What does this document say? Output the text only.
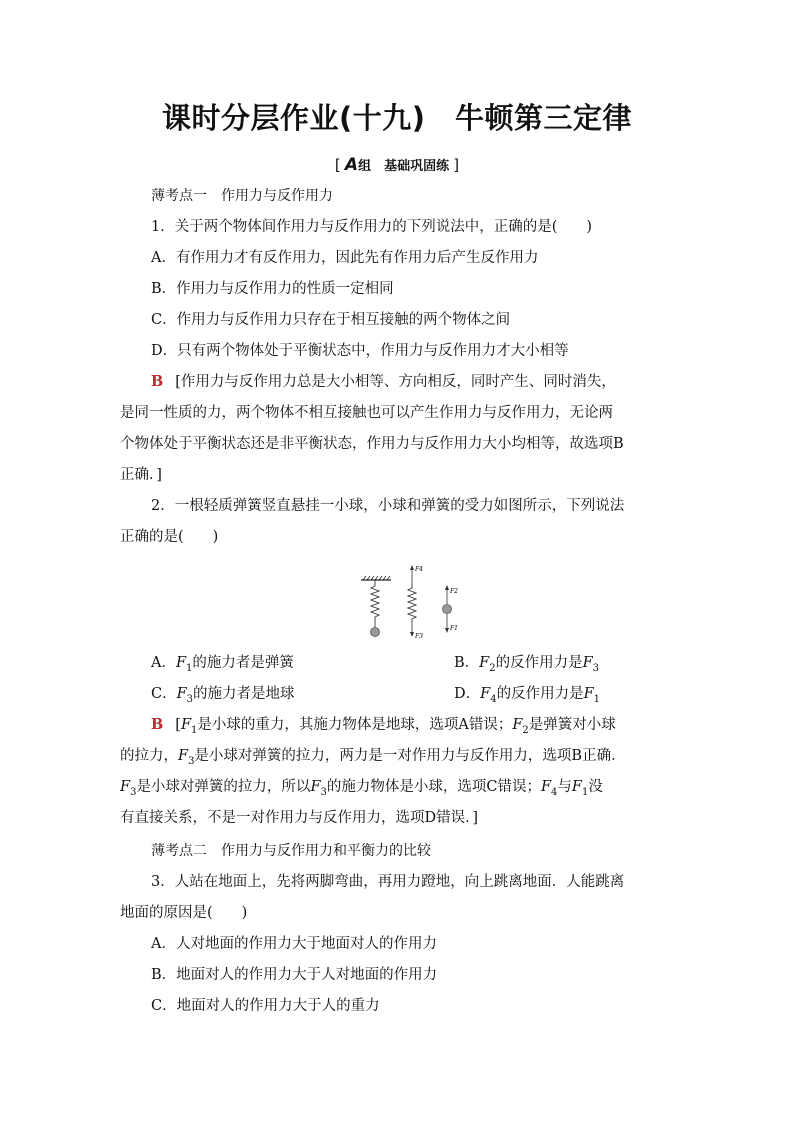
课时分层作业(十九)　牛顿第三定律
[ A组　基础巩固练 ]
薄考点一　作用力与反作用力
1．关于两个物体间作用力与反作用力的下列说法中，正确的是(　　)
A．有作用力才有反作用力，因此先有作用力后产生反作用力
B．作用力与反作用力的性质一定相同
C．作用力与反作用力只存在于相互接触的两个物体之间
D．只有两个物体处于平衡状态中，作用力与反作用力才大小相等
B [作用力与反作用力总是大小相等、方向相反，同时产生、同时消失，
是同一性质的力，两个物体不相互接触也可以产生作用力与反作用力，无论两
个物体处于平衡状态还是非平衡状态，作用力与反作用力大小均相等，故选项B
正确．]
2．一根轻质弹簧竖直悬挂一小球，小球和弹簧的受力如图所示，下列说法
正确的是(　　)
F4
F3
F2
F1
A．$F_1$的施力者是弹簧	B．$F_2$的反作用力是$F_3$
C．$F_3$的施力者是地球	D．$F_4$的反作用力是$F_1$
B [$F_1$是小球的重力，其施力物体是地球，选项A错误；$F_2$是弹簧对小球
的拉力，$F_3$是小球对弹簧的拉力，两力是一对作用力与反作用力，选项B正确．
$F_3$是小球对弹簧的拉力，所以$F_3$的施力物体是小球，选项C错误；$F_4$与$F_1$没
有直接关系，不是一对作用力与反作用力，选项D错误．]
薄考点二　作用力与反作用力和平衡力的比较
3．人站在地面上，先将两脚弯曲，再用力蹬地，向上跳离地面．人能跳离
地面的原因是(　　)
A．人对地面的作用力大于地面对人的作用力
B．地面对人的作用力大于人对地面的作用力
C．地面对人的作用力大于人的重力
